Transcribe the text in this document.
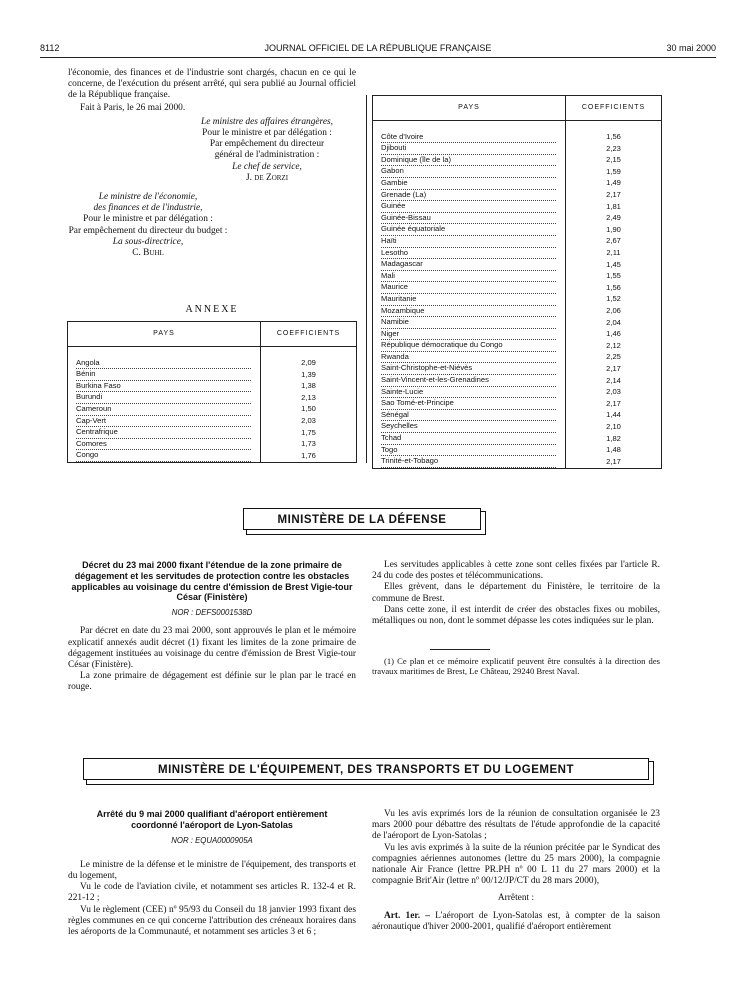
8112	JOURNAL OFFICIEL DE LA RÉPUBLIQUE FRANÇAISE	30 mai 2000

l'économie, des finances et de l'industrie sont chargés, chacun en ce qui le concerne, de l'exécution du présent arrêté, qui sera publié au Journal officiel de la République française.

Fait à Paris, le 26 mai 2000.

Le ministre des affaires étrangères,
Pour le ministre et par délégation :
Par empêchement du directeur
général de l'administration :
Le chef de service,
J. de Zorzi
Le ministre de l'économie,
des finances et de l'industrie,
Pour le ministre et par délégation :
Par empêchement du directeur du budget :
La sous-directrice,
C. Buhl
ANNEXE
PAYS	COEFFICIENTS

Angola	2,09
Bénin	1,39
Burkina Faso	1,38
Burundi	2,13
Cameroun	1,50
Cap-Vert	2,03
Centrafrique	1,75
Comores	1,73
Congo	1,76
PAYS	COEFFICIENTS

Côte d'Ivoire	1,56
Djibouti	2,23
Dominique (île de la)	2,15
Gabon	1,59
Gambie	1,49
Grenade (La)	2,17
Guinée	1,81
Guinée-Bissau	2,49
Guinée équatoriale	1,90
Haïti	2,67
Lesotho	2,11
Madagascar	1,45
Mali	1,55
Maurice	1,56
Mauritanie	1,52
Mozambique	2,06
Namibie	2,04
Niger	1,46
République démocratique du Congo	2,12
Rwanda	2,25
Saint-Christophe-et-Niévès	2,17
Saint-Vincent-et-les-Grenadines	2,14
Sainte-Lucie	2,03
Sao Tomé-et-Principe	2,17
Sénégal	1,44
Seychelles	2,10
Tchad	1,82
Togo	1,48
Trinité-et-Tobago	2,17
MINISTÈRE DE LA DÉFENSE

Décret du 23 mai 2000 fixant l'étendue de la zone primaire de dégagement et les servitudes de protection contre les obstacles applicables au voisinage du centre d'émission de Brest Vigie-tour César (Finistère)

NOR : DEFS0001538D

Par décret en date du 23 mai 2000, sont approuvés le plan et le mémoire explicatif annexés audit décret (1) fixant les limites de la zone primaire de dégagement instituées au voisinage du centre d'émission de Brest Vigie-tour César (Finistère).

La zone primaire de dégagement est définie sur le plan par le tracé en rouge.

Les servitudes applicables à cette zone sont celles fixées par l'article R. 24 du code des postes et télécommunications.

Elles grèvent, dans le département du Finistère, le territoire de la commune de Brest.

Dans cette zone, il est interdit de créer des obstacles fixes ou mobiles, métalliques ou non, dont le sommet dépasse les cotes indiquées sur le plan.

(1) Ce plan et ce mémoire explicatif peuvent être consultés à la direction des travaux maritimes de Brest, Le Château, 29240 Brest Naval.

MINISTÈRE DE L'ÉQUIPEMENT, DES TRANSPORTS ET DU LOGEMENT

Arrêté du 9 mai 2000 qualifiant d'aéroport entièrement coordonné l'aéroport de Lyon-Satolas

NOR : EQUA0000905A

Le ministre de la défense et le ministre de l'équipement, des transports et du logement,

Vu le code de l'aviation civile, et notamment ses articles R. 132-4 et R. 221-12 ;

Vu le règlement (CEE) nº 95/93 du Conseil du 18 janvier 1993 fixant des règles communes en ce qui concerne l'attribution des créneaux horaires dans les aéroports de la Communauté, et notamment ses articles 3 et 6 ;

Vu les avis exprimés lors de la réunion de consultation organisée le 23 mars 2000 pour débattre des résultats de l'étude approfondie de la capacité de l'aéroport de Lyon-Satolas ;

Vu les avis exprimés à la suite de la réunion précitée par le Syndicat des compagnies aériennes autonomes (lettre du 25 mars 2000), la compagnie nationale Air France (lettre PR.PH nº 00 L 11 du 27 mars 2000) et la compagnie Brit'Air (lettre nº 00/12/JP/CT du 28 mars 2000),

Arrêtent :

Art. 1er. – L'aéroport de Lyon-Satolas est, à compter de la saison aéronautique d'hiver 2000-2001, qualifié d'aéroport entièrement
